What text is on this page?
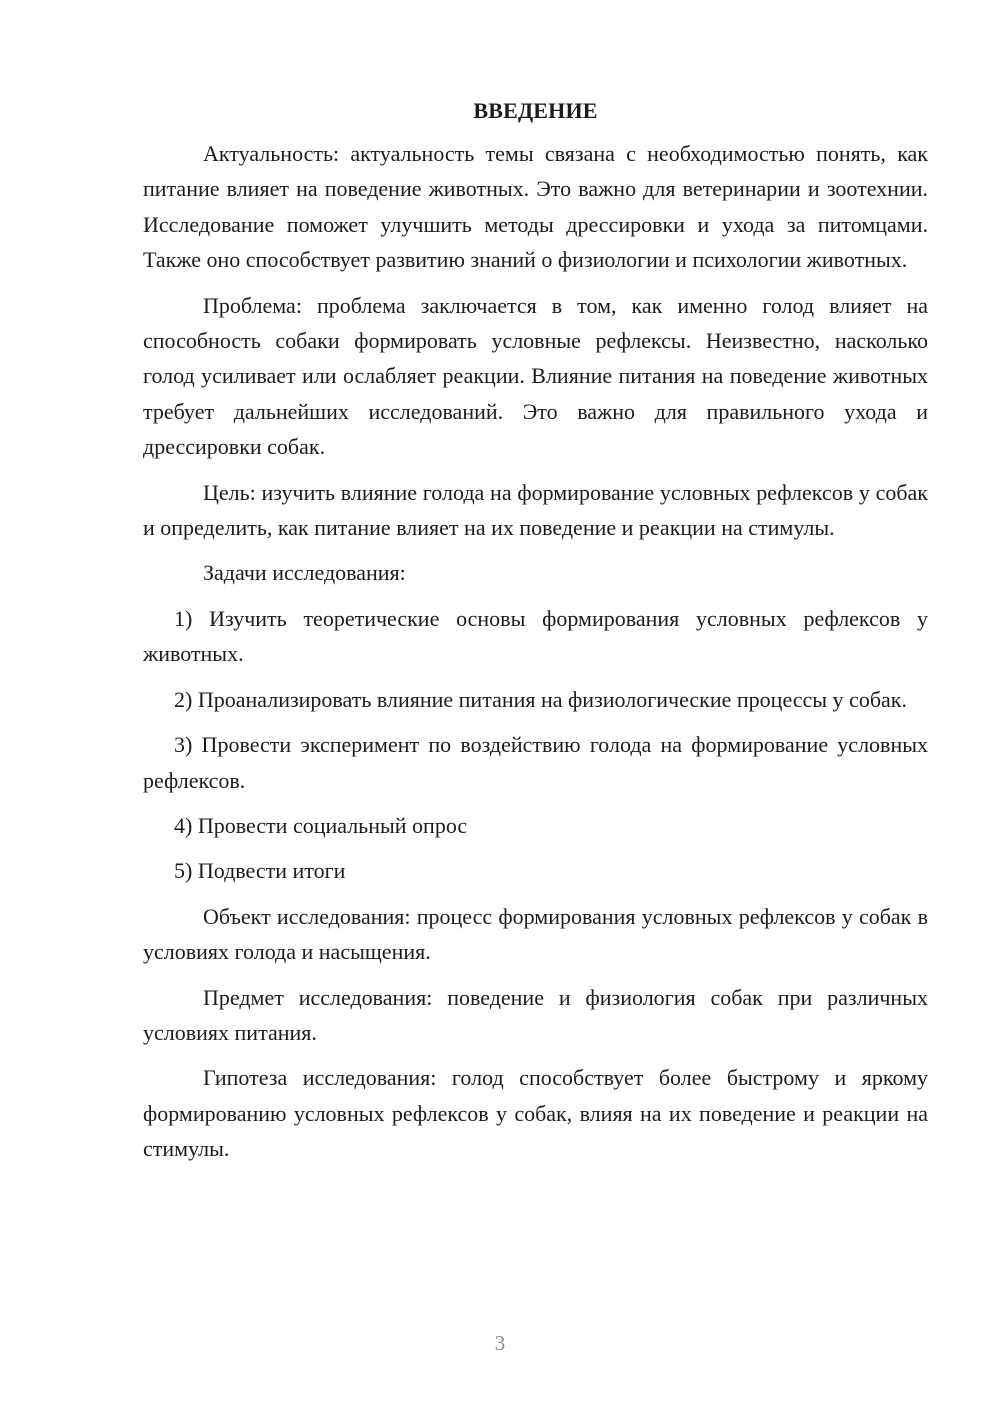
ВВЕДЕНИЕ

Актуальность: актуальность темы связана с необходимостью понять, как питание влияет на поведение животных. Это важно для ветеринарии и зоотехнии. Исследование поможет улучшить методы дрессировки и ухода за питомцами. Также оно способствует развитию знаний о физиологии и психологии животных.

Проблема: проблема заключается в том, как именно голод влияет на способность собаки формировать условные рефлексы. Неизвестно, насколько голод усиливает или ослабляет реакции. Влияние питания на поведение животных требует дальнейших исследований. Это важно для правильного ухода и дрессировки собак.

Цель: изучить влияние голода на формирование условных рефлексов у собак и определить, как питание влияет на их поведение и реакции на стимулы.

Задачи исследования:

1) Изучить теоретические основы формирования условных рефлексов у животных.

2) Проанализировать влияние питания на физиологические процессы у собак.

3) Провести эксперимент по воздействию голода на формирование условных рефлексов.

4) Провести социальный опрос

5) Подвести итоги

Объект исследования: процесс формирования условных рефлексов у собак в условиях голода и насыщения.

Предмет исследования: поведение и физиология собак при различных условиях питания.

Гипотеза исследования: голод способствует более быстрому и яркому формированию условных рефлексов у собак, влияя на их поведение и реакции на стимулы.

3
